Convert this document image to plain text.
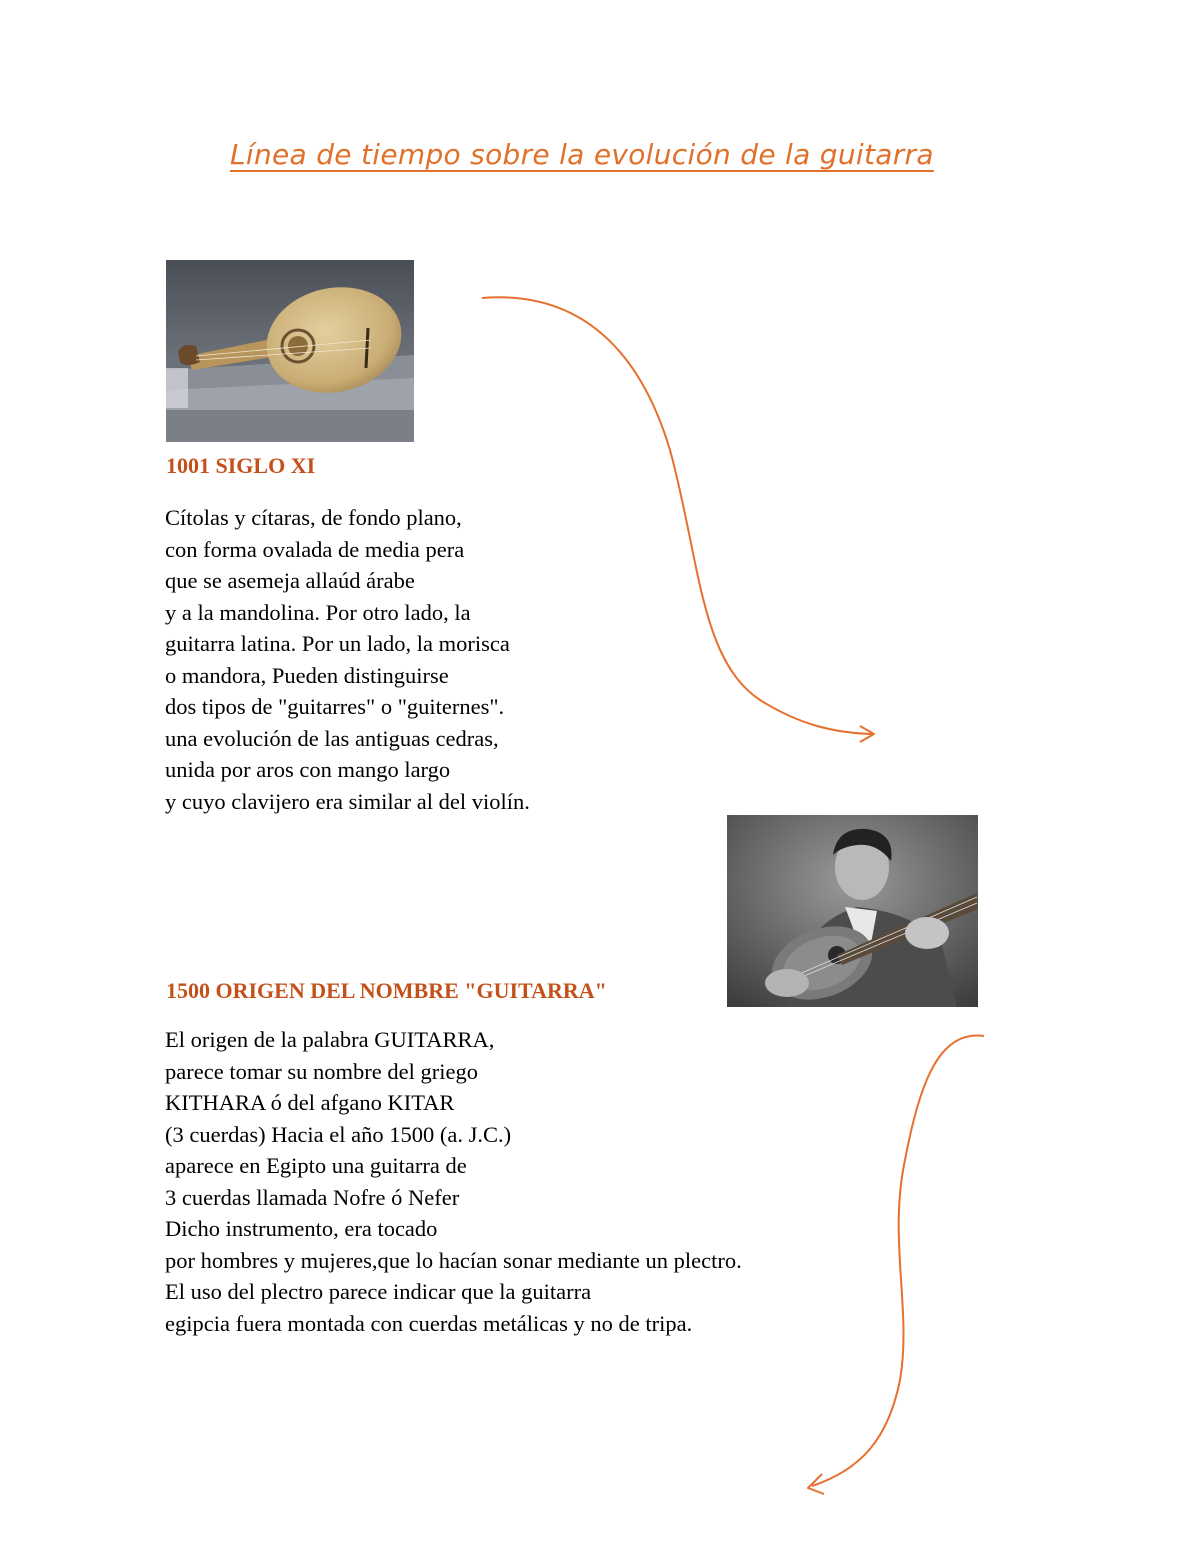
Línea de tiempo sobre la evolución de la guitarra
1001 SIGLO XI
Cítolas y cítaras, de fondo plano,
con forma ovalada de media pera
que se asemeja allaúd árabe
y a la mandolina. Por otro lado, la
guitarra latina. Por un lado, la morisca
o mandora, Pueden distinguirse
dos tipos de "guitarres" o "guiternes".
una evolución de las antiguas cedras,
unida por aros con mango largo
y cuyo clavijero era similar al del violín.
1500 ORIGEN DEL NOMBRE "GUITARRA"
El origen de la palabra GUITARRA,
parece tomar su nombre del griego
KITHARA ó del afgano KITAR
(3 cuerdas) Hacia el año 1500 (a. J.C.)
aparece en Egipto una guitarra de
3 cuerdas llamada Nofre ó Nefer
Dicho instrumento, era tocado
por hombres y mujeres,que lo hacían sonar mediante un plectro.
El uso del plectro parece indicar que la guitarra
egipcia fuera montada con cuerdas metálicas y no de tripa.
